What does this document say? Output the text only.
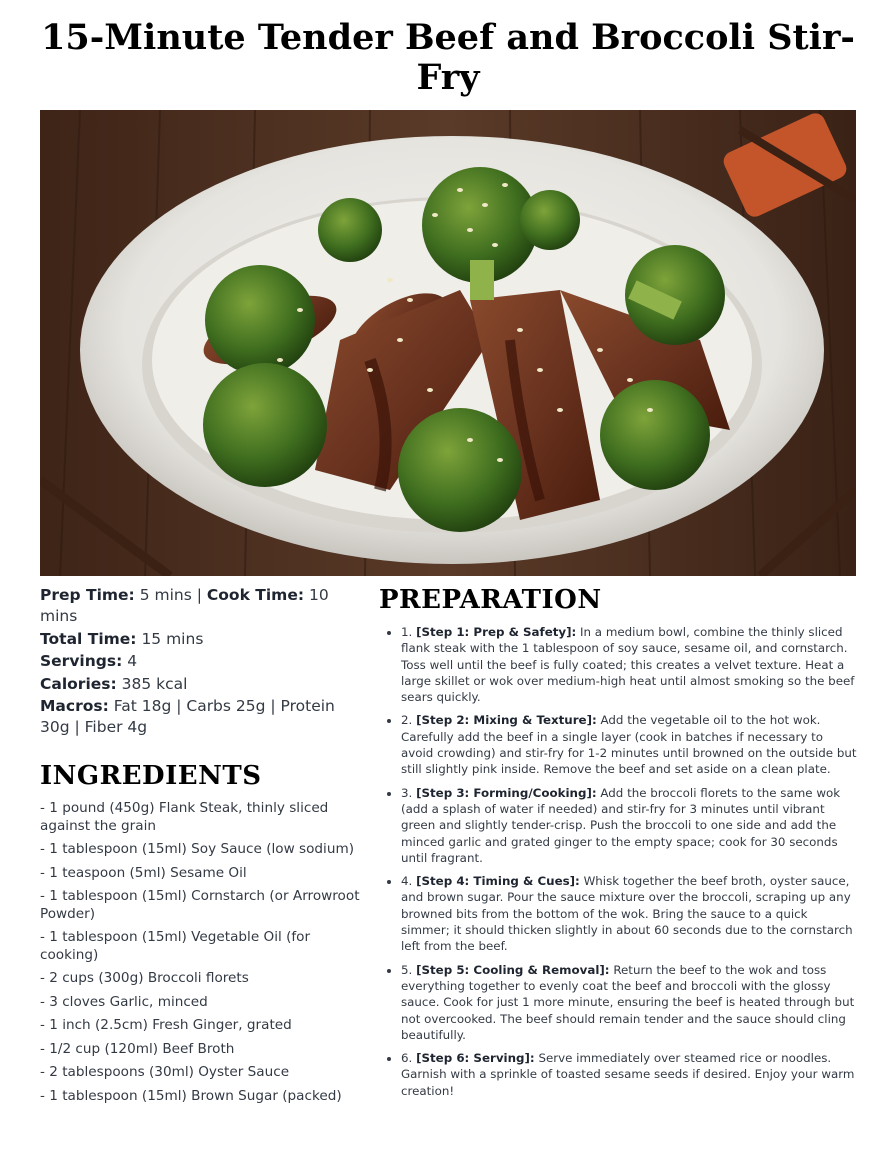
15-Minute Tender Beef and Broccoli Stir-Fry
Prep Time: 5 mins | Cook Time: 10 mins
Total Time: 15 mins
Servings: 4
Calories: 385 kcal
Macros: Fat 18g | Carbs 25g | Protein 30g | Fiber 4g
INGREDIENTS
- 1 pound (450g) Flank Steak, thinly sliced against the grain
- 1 tablespoon (15ml) Soy Sauce (low sodium)
- 1 teaspoon (5ml) Sesame Oil
- 1 tablespoon (15ml) Cornstarch (or Arrowroot Powder)
- 1 tablespoon (15ml) Vegetable Oil (for cooking)
- 2 cups (300g) Broccoli florets
- 3 cloves Garlic, minced
- 1 inch (2.5cm) Fresh Ginger, grated
- 1/2 cup (120ml) Beef Broth
- 2 tablespoons (30ml) Oyster Sauce
- 1 tablespoon (15ml) Brown Sugar (packed)
PREPARATION
• 1. [Step 1: Prep & Safety]: In a medium bowl, combine the thinly sliced flank steak with the 1 tablespoon of soy sauce, sesame oil, and cornstarch. Toss well until the beef is fully coated; this creates a velvet texture. Heat a large skillet or wok over medium-high heat until almost smoking so the beef sears quickly.
• 2. [Step 2: Mixing & Texture]: Add the vegetable oil to the hot wok. Carefully add the beef in a single layer (cook in batches if necessary to avoid crowding) and stir-fry for 1-2 minutes until browned on the outside but still slightly pink inside. Remove the beef and set aside on a clean plate.
• 3. [Step 3: Forming/Cooking]: Add the broccoli florets to the same wok (add a splash of water if needed) and stir-fry for 3 minutes until vibrant green and slightly tender-crisp. Push the broccoli to one side and add the minced garlic and grated ginger to the empty space; cook for 30 seconds until fragrant.
• 4. [Step 4: Timing & Cues]: Whisk together the beef broth, oyster sauce, and brown sugar. Pour the sauce mixture over the broccoli, scraping up any browned bits from the bottom of the wok. Bring the sauce to a quick simmer; it should thicken slightly in about 60 seconds due to the cornstarch left from the beef.
• 5. [Step 5: Cooling & Removal]: Return the beef to the wok and toss everything together to evenly coat the beef and broccoli with the glossy sauce. Cook for just 1 more minute, ensuring the beef is heated through but not overcooked. The beef should remain tender and the sauce should cling beautifully.
• 6. [Step 6: Serving]: Serve immediately over steamed rice or noodles. Garnish with a sprinkle of toasted sesame seeds if desired. Enjoy your warm creation!
